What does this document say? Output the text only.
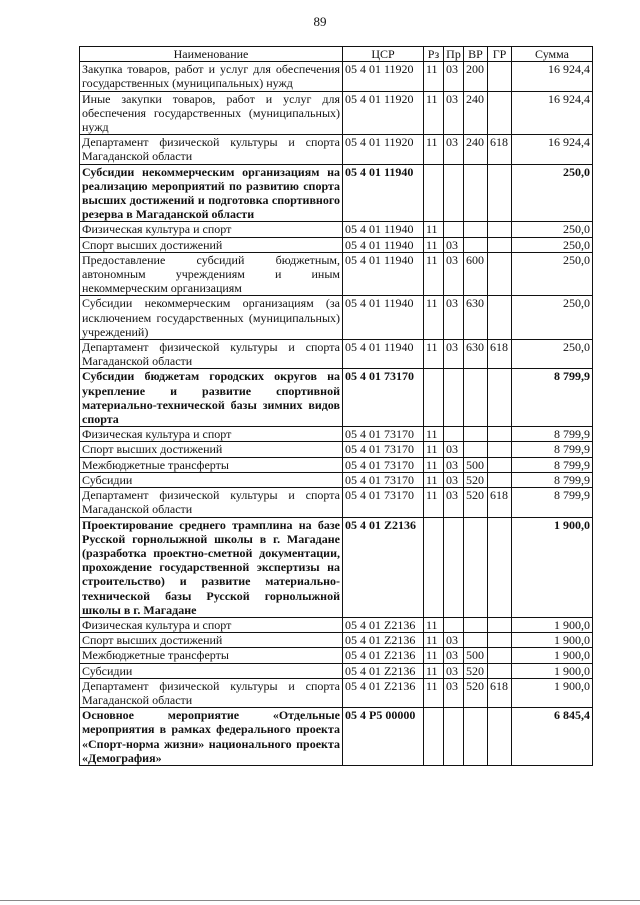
89
Наименование	ЦСР	Рз	Пр	ВР	ГР	Сумма
Закупка товаров, работ и услуг для обеспечения государственных (муниципальных) нужд	05 4 01 11920	11	03	200		16 924,4
Иные закупки товаров, работ и услуг для обеспечения государственных (муниципальных) нужд	05 4 01 11920	11	03	240		16 924,4
Департамент физической культуры и спорта Магаданской области	05 4 01 11920	11	03	240	618	16 924,4
Субсидии некоммерческим организациям на реализацию мероприятий по развитию спорта высших достижений и подготовка спортивного резерва в Магаданской области	05 4 01 11940					250,0
Физическая культура и спорт	05 4 01 11940	11				250,0
Спорт высших достижений	05 4 01 11940	11	03			250,0
Предоставление субсидий бюджетным, автономным учреждениям и иным некоммерческим организациям	05 4 01 11940	11	03	600		250,0
Субсидии некоммерческим организациям (за исключением государственных (муниципальных) учреждений)	05 4 01 11940	11	03	630		250,0
Департамент физической культуры и спорта Магаданской области	05 4 01 11940	11	03	630	618	250,0
Субсидии бюджетам городских округов на укрепление и развитие спортивной материально-технической базы зимних видов спорта	05 4 01 73170					8 799,9
Физическая культура и спорт	05 4 01 73170	11				8 799,9
Спорт высших достижений	05 4 01 73170	11	03			8 799,9
Межбюджетные трансферты	05 4 01 73170	11	03	500		8 799,9
Субсидии	05 4 01 73170	11	03	520		8 799,9
Департамент физической культуры и спорта Магаданской области	05 4 01 73170	11	03	520	618	8 799,9
Проектирование среднего трамплина на базе Русской горнолыжной школы в г. Магадане (разработка проектно-сметной документации, прохождение государственной экспертизы на строительство) и развитие материально-технической базы Русской горнолыжной школы в г. Магадане	05 4 01 Z2136					1 900,0
Физическая культура и спорт	05 4 01 Z2136	11				1 900,0
Спорт высших достижений	05 4 01 Z2136	11	03			1 900,0
Межбюджетные трансферты	05 4 01 Z2136	11	03	500		1 900,0
Субсидии	05 4 01 Z2136	11	03	520		1 900,0
Департамент физической культуры и спорта Магаданской области	05 4 01 Z2136	11	03	520	618	1 900,0
Основное мероприятие «Отдельные мероприятия в рамках федерального проекта «Спорт-норма жизни» национального проекта «Демография»	05 4 P5 00000					6 845,4
